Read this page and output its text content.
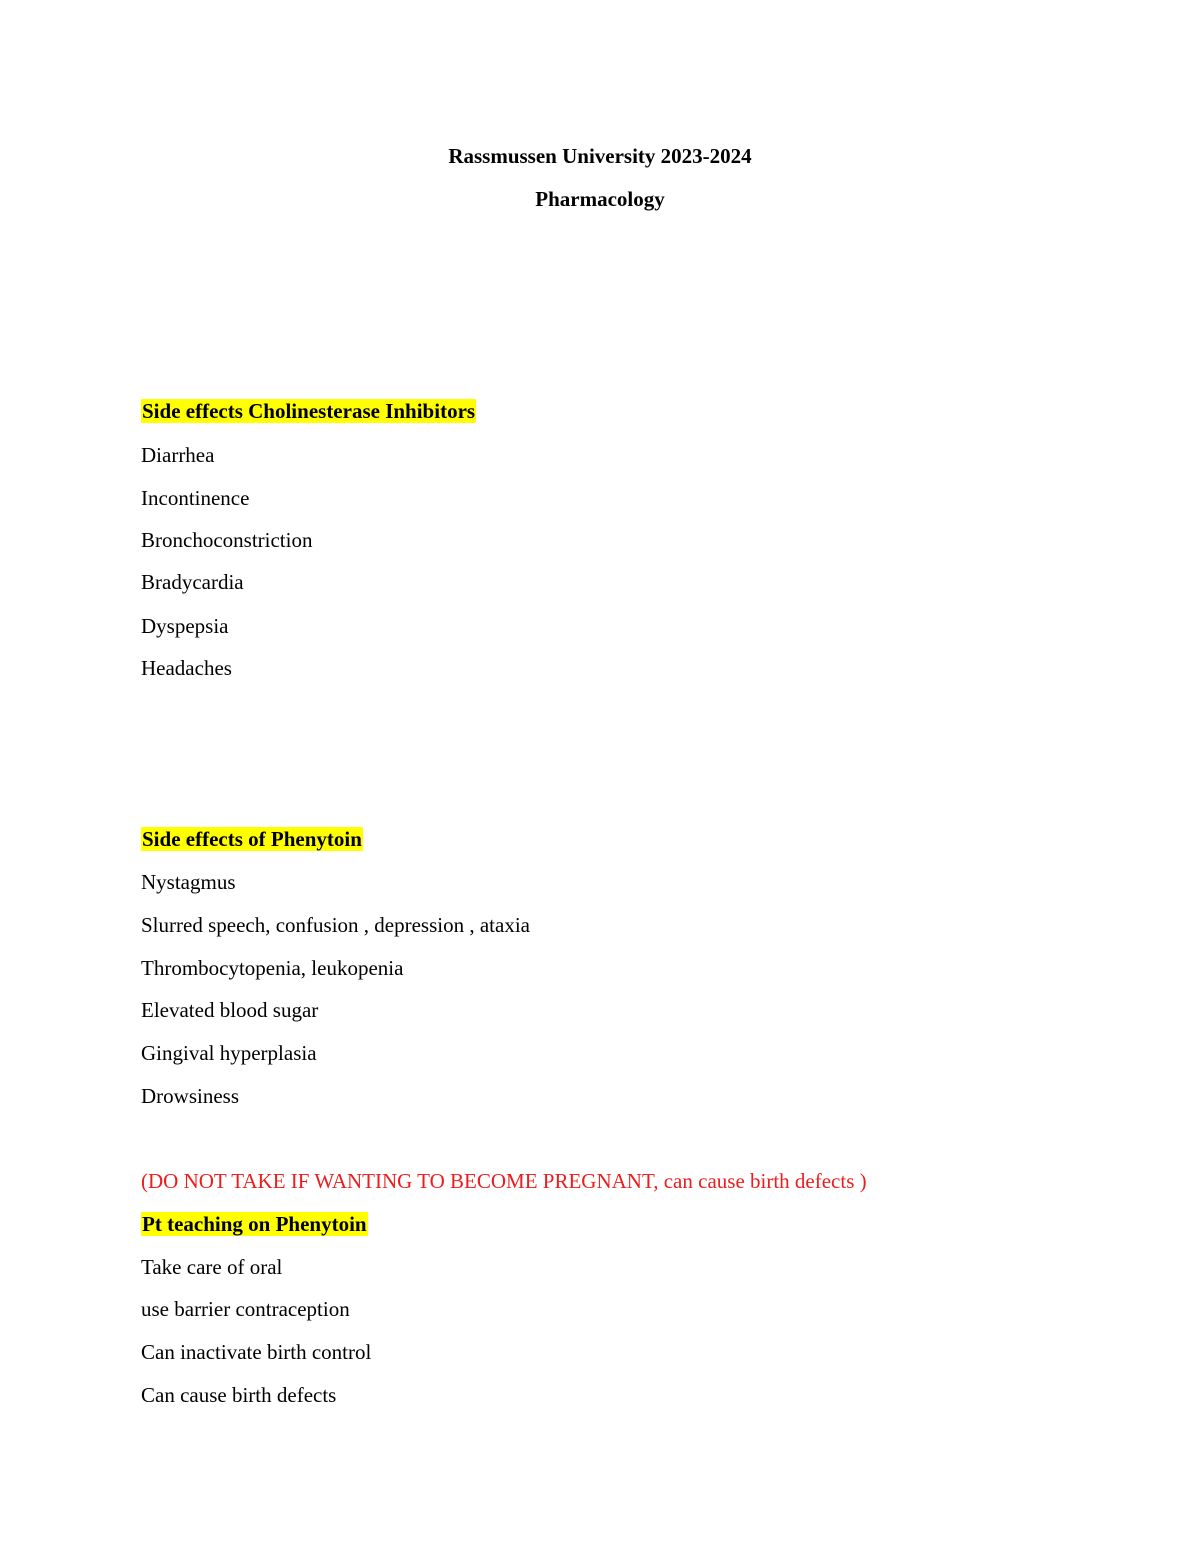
Rassmussen University 2023-2024
Pharmacology
Side effects Cholinesterase Inhibitors
Diarrhea
Incontinence
Bronchoconstriction
Bradycardia
Dyspepsia
Headaches
Side effects of Phenytoin
Nystagmus
Slurred speech, confusion , depression , ataxia
Thrombocytopenia, leukopenia
Elevated blood sugar
Gingival hyperplasia
Drowsiness
(DO NOT TAKE IF WANTING TO BECOME PREGNANT, can cause birth defects )
Pt teaching on Phenytoin
Take care of oral
use barrier contraception
Can inactivate birth control
Can cause birth defects
